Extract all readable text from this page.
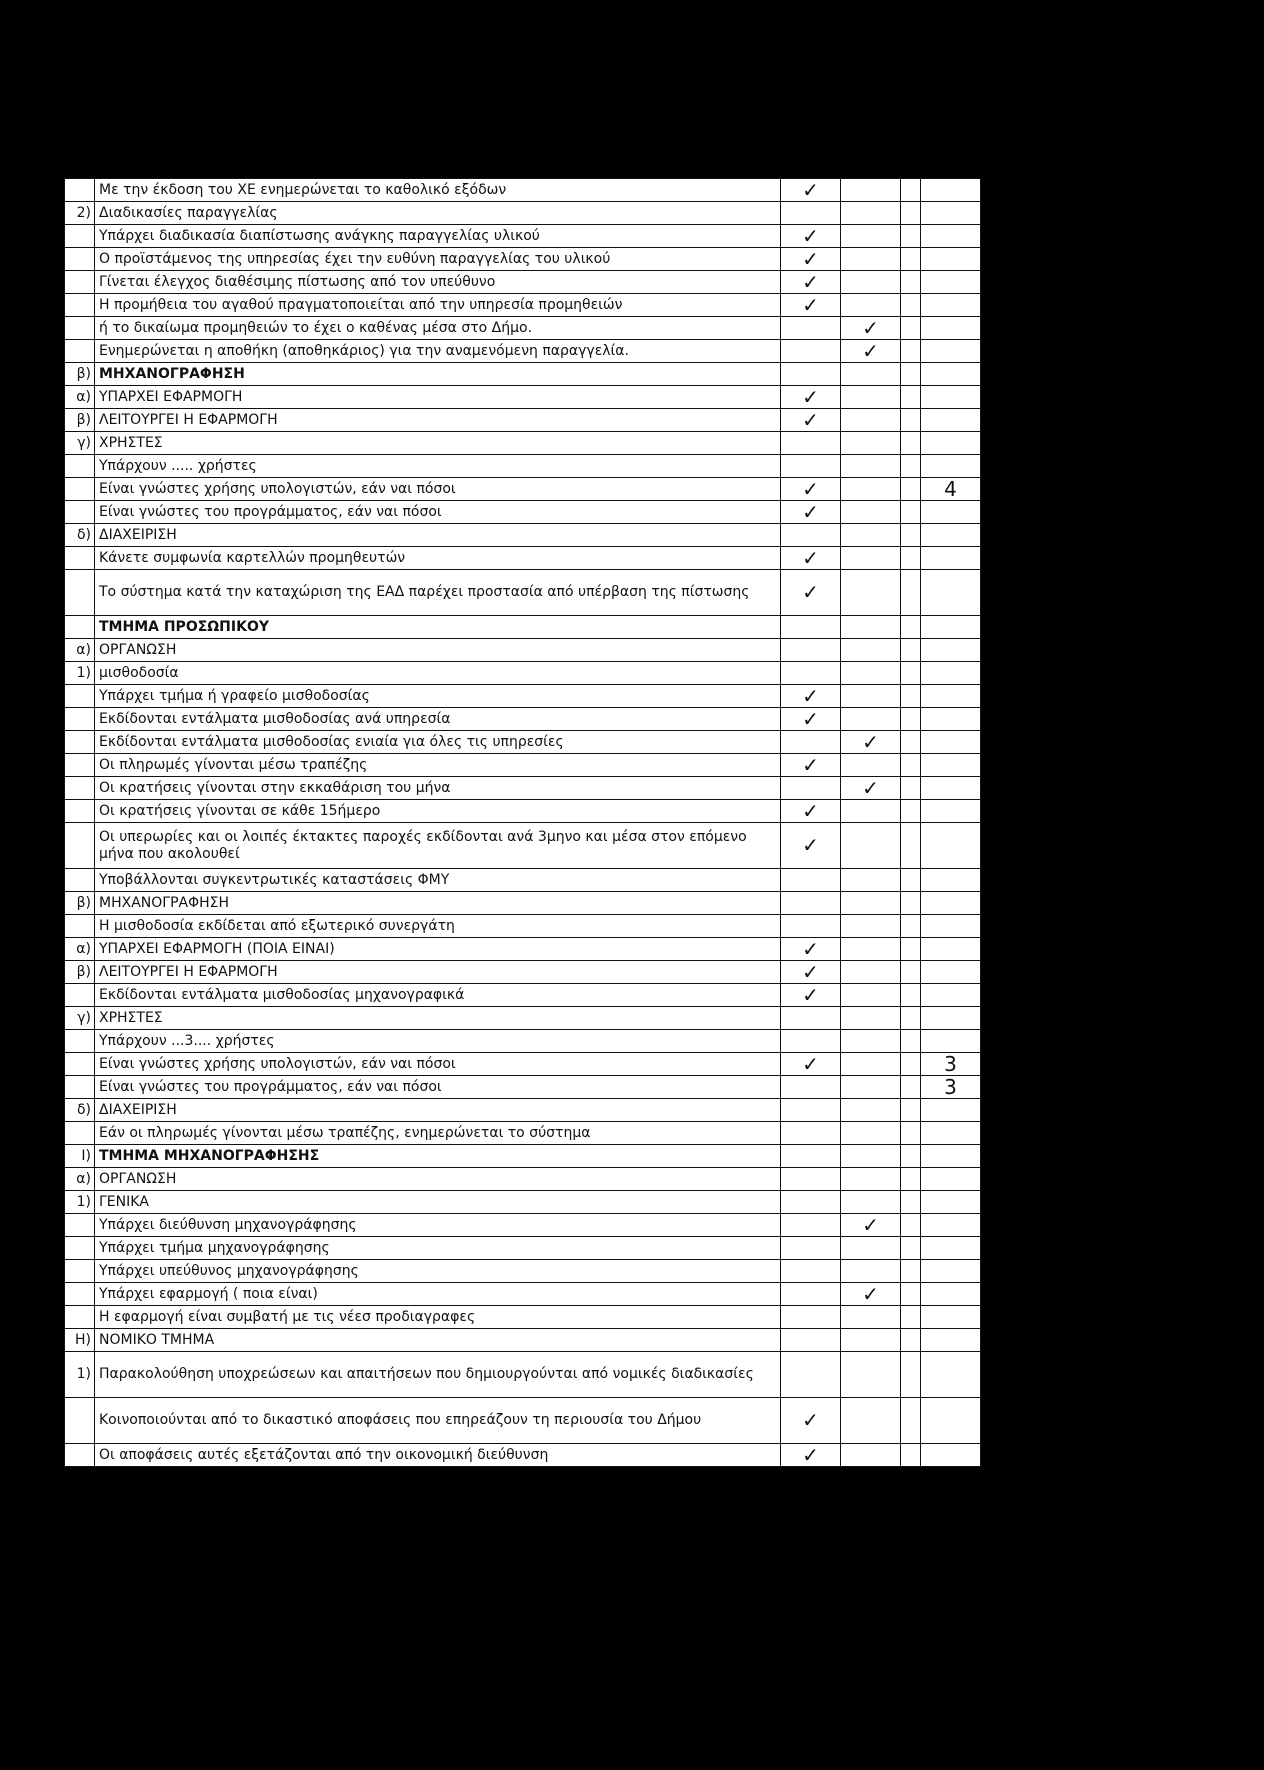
	Με την έκδοση του ΧΕ ενημερώνεται το καθολικό εξόδων	✓			
2)	Διαδικασίες παραγγελίας				
	Υπάρχει διαδικασία διαπίστωσης ανάγκης παραγγελίας υλικού	✓			
	Ο προϊστάμενος της υπηρεσίας έχει την ευθύνη παραγγελίας του υλικού	✓			
	Γίνεται έλεγχος διαθέσιμης πίστωσης από τον υπεύθυνο	✓			
	Η προμήθεια του αγαθού πραγματοποιείται από την υπηρεσία προμηθειών	✓			
	ή το δικαίωμα προμηθειών το έχει ο καθένας μέσα στο Δήμο.		✓		
	Ενημερώνεται η αποθήκη (αποθηκάριος) για την αναμενόμενη παραγγελία.		✓		
β)	ΜΗΧΑΝΟΓΡΑΦΗΣΗ				
α)	ΥΠΑΡΧΕΙ ΕΦΑΡΜΟΓΗ	✓			
β)	ΛΕΙΤΟΥΡΓΕΙ Η ΕΦΑΡΜΟΓΗ	✓			
γ)	ΧΡΗΣΤΕΣ				
	Υπάρχουν ..... χρήστες				
	Είναι γνώστες χρήσης υπολογιστών, εάν ναι πόσοι	✓			4
	Είναι γνώστες του προγράμματος, εάν ναι πόσοι	✓			
δ)	ΔΙΑΧΕΙΡΙΣΗ				
	Κάνετε συμφωνία καρτελλών προμηθευτών	✓			
	Το σύστημα κατά την καταχώριση της ΕΑΔ παρέχει προστασία από υπέρβαση της πίστωσης	✓			
	ΤΜΗΜΑ ΠΡΟΣΩΠΙΚΟΥ				
α)	ΟΡΓΑΝΩΣΗ				
1)	μισθοδοσία				
	Υπάρχει τμήμα ή γραφείο μισθοδοσίας	✓			
	Εκδίδονται εντάλματα μισθοδοσίας ανά υπηρεσία	✓			
	Εκδίδονται εντάλματα μισθοδοσίας ενιαία για όλες τις υπηρεσίες		✓		
	Οι πληρωμές γίνονται μέσω τραπέζης	✓			
	Οι κρατήσεις γίνονται στην εκκαθάριση του μήνα		✓		
	Οι κρατήσεις γίνονται σε κάθε 15ήμερο	✓			
	Οι υπερωρίες και οι λοιπές έκτακτες παροχές εκδίδονται ανά 3μηνο και μέσα στον επόμενο μήνα που ακολουθεί	✓			
	Υποβάλλονται συγκεντρωτικές καταστάσεις ΦΜΥ				
β)	ΜΗΧΑΝΟΓΡΑΦΗΣΗ				
	Η μισθοδοσία εκδίδεται από εξωτερικό συνεργάτη				
α)	ΥΠΑΡΧΕΙ ΕΦΑΡΜΟΓΗ (ΠΟΙΑ ΕΙΝΑΙ)	✓			
β)	ΛΕΙΤΟΥΡΓΕΙ Η ΕΦΑΡΜΟΓΗ	✓			
	Εκδίδονται εντάλματα μισθοδοσίας μηχανογραφικά	✓			
γ)	ΧΡΗΣΤΕΣ				
	Υπάρχουν ...3.... χρήστες				
	Είναι γνώστες χρήσης υπολογιστών, εάν ναι πόσοι	✓			3
	Είναι γνώστες του προγράμματος, εάν ναι πόσοι				3
δ)	ΔΙΑΧΕΙΡΙΣΗ				
	Εάν οι πληρωμές γίνονται μέσω τραπέζης, ενημερώνεται το σύστημα				
I)	ΤΜΗΜΑ ΜΗΧΑΝΟΓΡΑΦΗΣΗΣ				
α)	ΟΡΓΑΝΩΣΗ				
1)	ΓΕΝΙΚΑ				
	Υπάρχει διεύθυνση μηχανογράφησης		✓		
	Υπάρχει τμήμα μηχανογράφησης				
	Υπάρχει υπεύθυνος μηχανογράφησης				
	Υπάρχει εφαρμογή ( ποια είναι)		✓		
	Η εφαρμογή είναι συμβατή με τις νέεσ προδιαγραφες				
Η)	ΝΟΜΙΚΟ ΤΜΗΜΑ				
1)	Παρακολούθηση υποχρεώσεων και απαιτήσεων που δημιουργούνται από νομικές διαδικασίες				
	Κοινοποιούνται από το δικαστικό αποφάσεις που επηρεάζουν τη περιουσία του Δήμου	✓			
	Οι αποφάσεις αυτές εξετάζονται από την οικονομική διεύθυνση	✓			
